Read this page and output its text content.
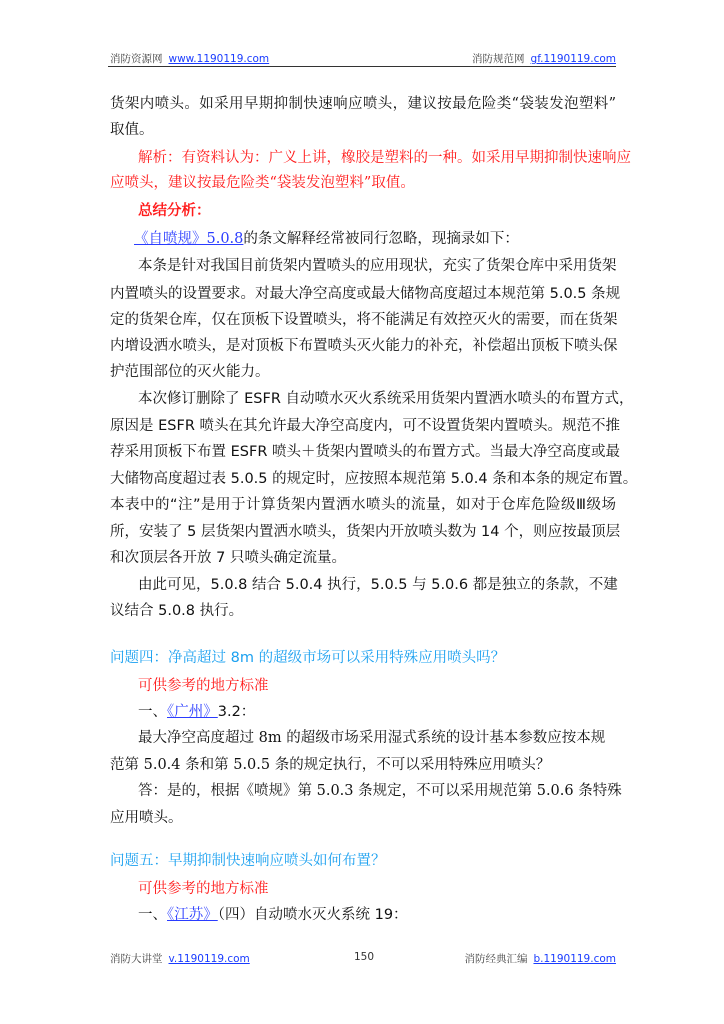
消防资源网 www.1190119.com	消防规范网 gf.1190119.com
货架内喷头。如采用早期抑制快速响应喷头，建议按最危险类“袋装发泡塑料”
取值。
解析：有资料认为：广义上讲，橡胶是塑料的一种。如采用早期抑制快速响应
应喷头，建议按最危险类“袋装发泡塑料”取值。
总结分析：
《自喷规》5.0.8的条文解释经常被同行忽略，现摘录如下：
本条是针对我国目前货架内置喷头的应用现状，充实了货架仓库中采用货架
内置喷头的设置要求。对最大净空高度或最大储物高度超过本规范第 5.0.5 条规
定的货架仓库，仅在顶板下设置喷头，将不能满足有效控灭火的需要，而在货架
内增设洒水喷头，是对顶板下布置喷头灭火能力的补充，补偿超出顶板下喷头保
护范围部位的灭火能力。
本次修订删除了 ESFR 自动喷水灭火系统采用货架内置洒水喷头的布置方式，
原因是 ESFR 喷头在其允许最大净空高度内，可不设置货架内置喷头。规范不推
荐采用顶板下布置 ESFR 喷头＋货架内置喷头的布置方式。当最大净空高度或最
大储物高度超过表 5.0.5 的规定时，应按照本规范第 5.0.4 条和本条的规定布置。
本表中的“注”是用于计算货架内置洒水喷头的流量，如对于仓库危险级Ⅲ级场
所，安装了 5 层货架内置洒水喷头，货架内开放喷头数为 14 个，则应按最顶层
和次顶层各开放 7 只喷头确定流量。
由此可见，5.0.8 结合 5.0.4 执行，5.0.5 与 5.0.6 都是独立的条款，不建
议结合 5.0.8 执行。
问题四：净高超过 8m 的超级市场可以采用特殊应用喷头吗？
可供参考的地方标准
一、《广州》3.2：
最大净空高度超过 8m 的超级市场采用湿式系统的设计基本参数应按本规
范第 5.0.4 条和第 5.0.5 条的规定执行，不可以采用特殊应用喷头？
答：是的，根据《喷规》第 5.0.3 条规定，不可以采用规范第 5.0.6 条特殊
应用喷头。
问题五：早期抑制快速响应喷头如何布置？
可供参考的地方标准
一、《江苏》（四）自动喷水灭火系统 19：
消防大讲堂 v.1190119.com	150	消防经典汇编 b.1190119.com
